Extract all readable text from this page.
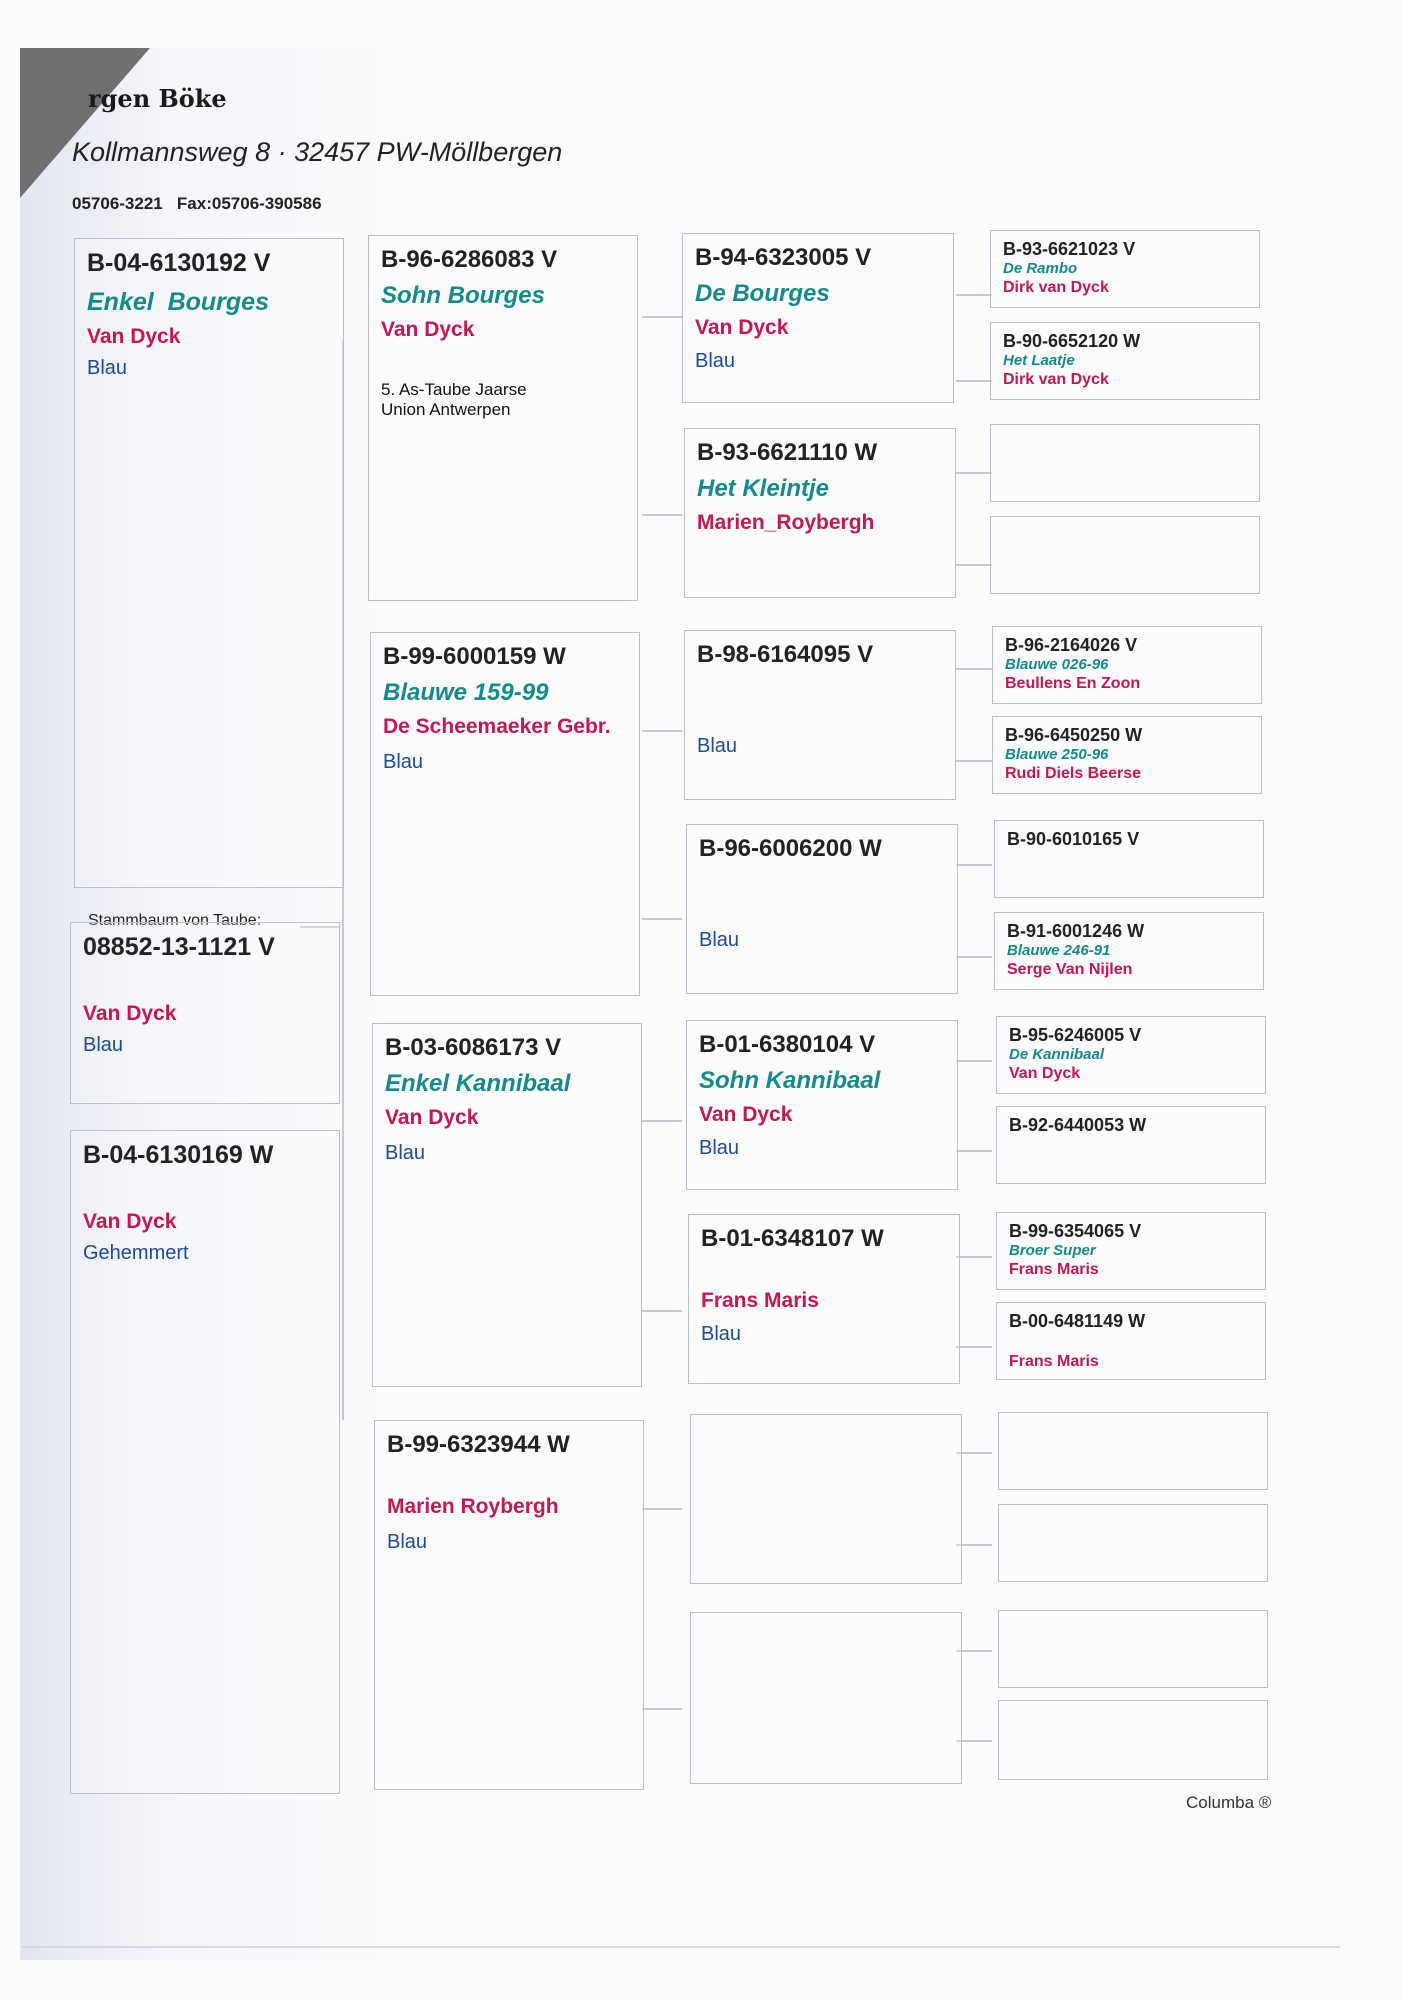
rgen Böke
Kollmannsweg 8 · 32457 PW-Möllbergen
05706-3221   Fax:05706-390586
B-04-6130192 V
Enkel  Bourges
Van Dyck
Blau
Stammbaum von Taube:
08852-13-1121 V
Van Dyck
Blau
B-04-6130169 W
Van Dyck
Gehemmert
B-96-6286083 V
Sohn Bourges
Van Dyck
5. As-Taube Jaarse
Union Antwerpen
B-99-6000159 W
Blauwe 159-99
De Scheemaeker Gebr.
Blau
B-03-6086173 V
Enkel Kannibaal
Van Dyck
Blau
B-99-6323944 W
Marien Roybergh
Blau
B-94-6323005 V
De Bourges
Van Dyck
Blau
B-93-6621110 W
Het Kleintje
Marien_Roybergh
B-98-6164095 V
Blau
B-96-6006200 W
Blau
B-01-6380104 V
Sohn Kannibaal
Van Dyck
Blau
B-01-6348107 W
Frans Maris
Blau
B-93-6621023 V
De Rambo
Dirk van Dyck
B-90-6652120 W
Het Laatje
Dirk van Dyck
B-96-2164026 V
Blauwe 026-96
Beullens En Zoon
B-96-6450250 W
Blauwe 250-96
Rudi Diels Beerse
B-90-6010165 V
B-91-6001246 W
Blauwe 246-91
Serge Van Nijlen
B-95-6246005 V
De Kannibaal
Van Dyck
B-92-6440053 W
B-99-6354065 V
Broer Super
Frans Maris
B-00-6481149 W
Frans Maris
Columba ®
